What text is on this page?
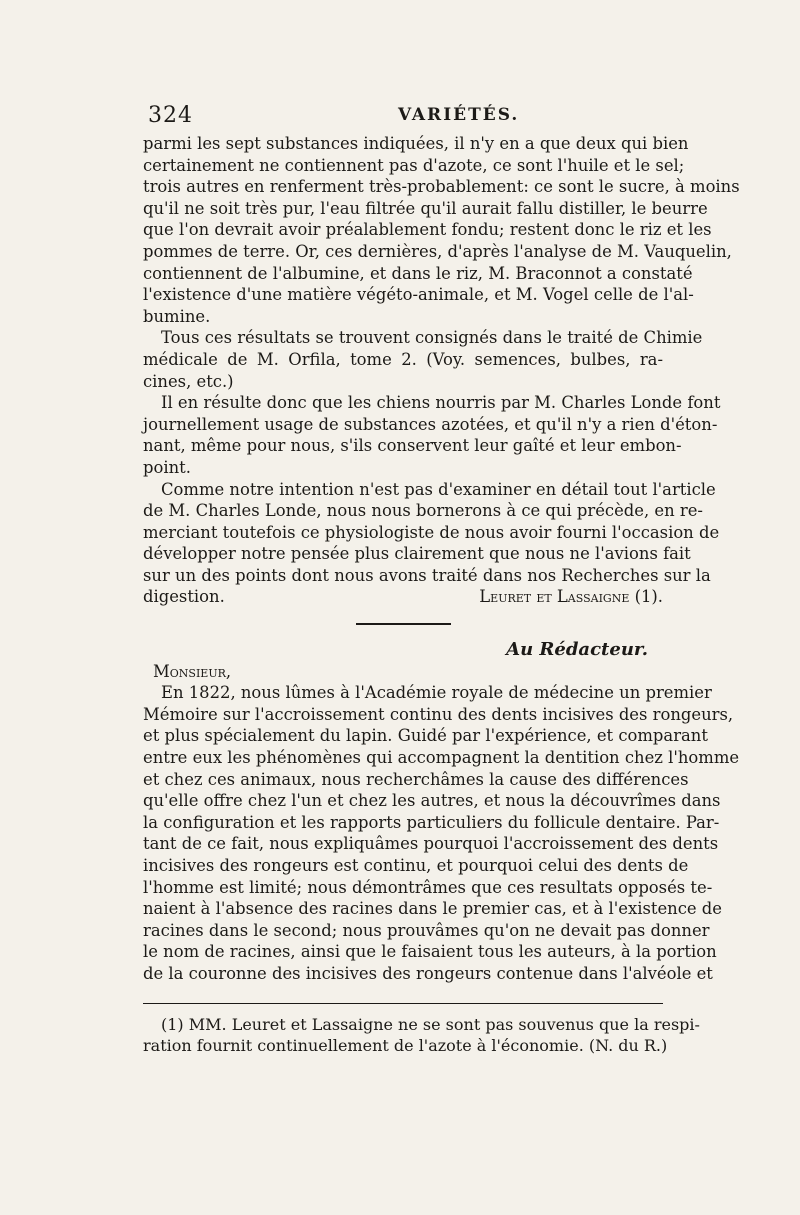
324	VARIÉTÉS.
parmi les sept substances indiquées, il n'y en a que deux qui bien
certainement ne contiennent pas d'azote, ce sont l'huile et le sel;
trois autres en renferment très-probablement: ce sont le sucre, à moins
qu'il ne soit très pur, l'eau filtrée qu'il aurait fallu distiller, le beurre
que l'on devrait avoir préalablement fondu; restent donc le riz et les
pommes de terre. Or, ces dernières, d'après l'analyse de M. Vauquelin,
contiennent de l'albumine, et dans le riz, M. Braconnot a constaté
l'existence d'une matière végéto-animale, et M. Vogel celle de l'al-
bumine.
Tous ces résultats se trouvent consignés dans le traité de Chimie
médicale de M. Orfila, tome 2. (Voy. semences, bulbes, ra-
cines, etc.)
Il en résulte donc que les chiens nourris par M. Charles Londe font
journellement usage de substances azotées, et qu'il n'y a rien d'éton-
nant, même pour nous, s'ils conservent leur gaîté et leur embon-
point.
Comme notre intention n'est pas d'examiner en détail tout l'article
de M. Charles Londe, nous nous bornerons à ce qui précède, en re-
merciant toutefois ce physiologiste de nous avoir fourni l'occasion de
développer notre pensée plus clairement que nous ne l'avions fait
sur un des points dont nous avons traité dans nos Recherches sur la
digestion.	Leuret et Lassaigne (1).
Au Rédacteur.
Monsieur,
En 1822, nous lûmes à l'Académie royale de médecine un premier
Mémoire sur l'accroissement continu des dents incisives des rongeurs,
et plus spécialement du lapin. Guidé par l'expérience, et comparant
entre eux les phénomènes qui accompagnent la dentition chez l'homme
et chez ces animaux, nous recherchâmes la cause des différences
qu'elle offre chez l'un et chez les autres, et nous la découvrîmes dans
la configuration et les rapports particuliers du follicule dentaire. Par-
tant de ce fait, nous expliquâmes pourquoi l'accroissement des dents
incisives des rongeurs est continu, et pourquoi celui des dents de
l'homme est limité; nous démontrâmes que ces resultats opposés te-
naient à l'absence des racines dans le premier cas, et à l'existence de
racines dans le second; nous prouvâmes qu'on ne devait pas donner
le nom de racines, ainsi que le faisaient tous les auteurs, à la portion
de la couronne des incisives des rongeurs contenue dans l'alvéole et
(1) MM. Leuret et Lassaigne ne se sont pas souvenus que la respi-
ration fournit continuellement de l'azote à l'économie. (N. du R.)
